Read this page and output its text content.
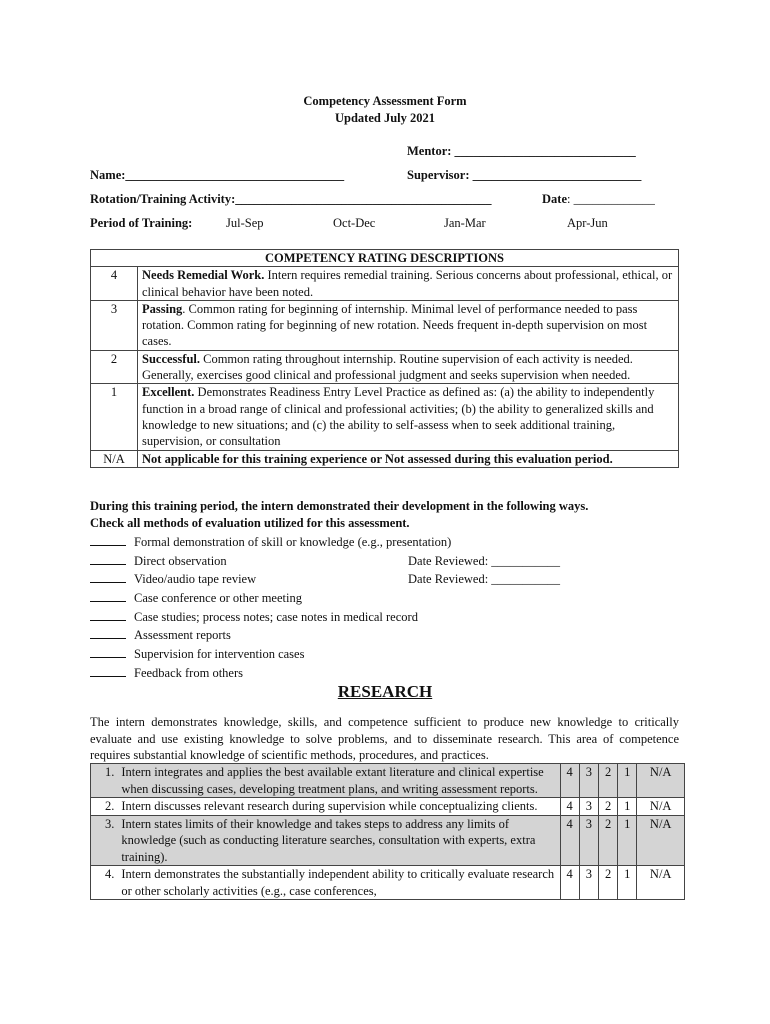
Competency Assessment Form
Updated July 2021
Mentor: _____________________________
Name:___________________________________	Supervisor: ___________________________
Rotation/Training Activity:_________________________________________	Date: _____________
Period of Training:	Jul-Sep	Oct-Dec	Jan-Mar	Apr-Jun
COMPETENCY RATING DESCRIPTIONS	
4	Needs Remedial Work. Intern requires remedial training. Serious concerns about professional, ethical, or clinical behavior have been noted.
3	Passing. Common rating for beginning of internship. Minimal level of performance needed to pass rotation. Common rating for beginning of new rotation. Needs frequent in-depth supervision on most cases.
2	Successful. Common rating throughout internship. Routine supervision of each activity is needed. Generally, exercises good clinical and professional judgment and seeks supervision when needed.
1	Excellent. Demonstrates Readiness Entry Level Practice as defined as: (a) the ability to independently function in a broad range of clinical and professional activities; (b) the ability to generalized skills and knowledge to new situations; and (c) the ability to self-assess when to seek additional training, supervision, or consultation
N/A	Not applicable for this training experience or Not assessed during this evaluation period.
During this training period, the intern demonstrated their development in the following ways.
Check all methods of evaluation utilized for this assessment.
Formal demonstration of skill or knowledge (e.g., presentation)
Direct observation	Date Reviewed: ___________
Video/audio tape review	Date Reviewed: ___________
Case conference or other meeting
Case studies; process notes; case notes in medical record
Assessment reports
Supervision for intervention cases
Feedback from others
RESEARCH
The intern demonstrates knowledge, skills, and competence sufficient to produce new knowledge to critically evaluate and use existing knowledge to solve problems, and to disseminate research. This area of competence requires substantial knowledge of scientific methods, procedures, and practices.
1.	Intern integrates and applies the best available extant literature and clinical expertise when discussing cases, developing treatment plans, and writing assessment reports.	4	3	2	1	N/A
2.	Intern discusses relevant research during supervision while conceptualizing clients.	4	3	2	1	N/A
3.	Intern states limits of their knowledge and takes steps to address any limits of knowledge (such as conducting literature searches, consultation with experts, extra training).	4	3	2	1	N/A
4.	Intern demonstrates the substantially independent ability to critically evaluate research or other scholarly activities (e.g., case conferences,	4	3	2	1	N/A
